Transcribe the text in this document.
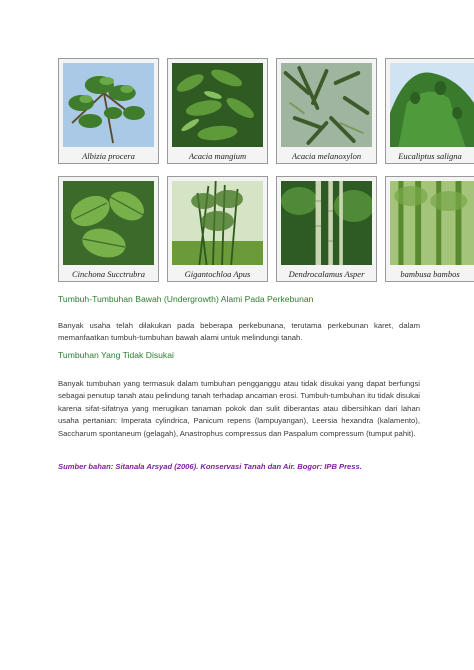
Albizia procera	Acacia mangium	Acacia melanoxylon	Eucaliptus saligna
Cinchona Succtrubra	Gigantochloa Apus	Dendrocalamus Asper	bambusa bambos
Tumbuh-Tumbuhan Bawah (Undergrowth) Alami Pada Perkebunan

Banyak usaha telah dilakukan pada beberapa perkebunana, terutama perkebunan karet, dalam memanfaatkan tumbuh-tumbuhan bawah alami untuk melindungi tanah.

Tumbuhan Yang Tidak Disukai

Banyak tumbuhan yang termasuk dalam tumbuhan pengganggu atau tidak disukai yang dapat berfungsi sebagai penutup tanah atau pelindung tanah terhadap ancaman erosi. Tumbuh-tumbuhan itu tidak disukai karena sifat-sifatnya yang merugikan tanaman pokok dan sulit diberantas atau dibersihkan dari lahan usaha pertanian: Imperata cylindrica, Panicum repens (lampuyangan), Leersia hexandra (kalamento), Saccharum spontaneum (gelagah), Anastrophus compressus dan Paspalum compressum (tumput pahit).

Sumber bahan: Sitanala Arsyad (2006). Konservasi Tanah dan Air. Bogor: IPB Press.
